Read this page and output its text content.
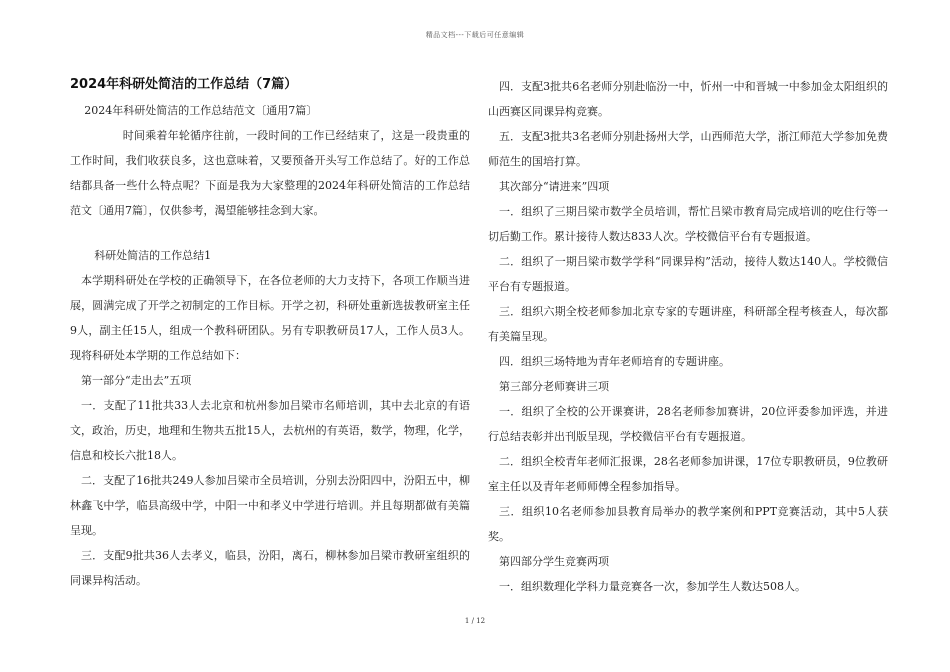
精品文档---下载后可任意编辑

2024年科研处简洁的工作总结（7篇）

2024年科研处简洁的工作总结范文〔通用7篇〕

时间乘着年轮循序往前，一段时间的工作已经结束了，这是一段贵重的工作时间，我们收获良多，这也意味着，又要预备开头写工作总结了。好的工作总结都具备一些什么特点呢？下面是我为大家整理的2024年科研处简洁的工作总结范文〔通用7篇〕，仅供参考，渴望能够挂念到大家。

科研处简洁的工作总结1

本学期科研处在学校的正确领导下，在各位老师的大力支持下，各项工作顺当进展，圆满完成了开学之初制定的工作目标。开学之初，科研处重新选拔教研室主任9人，副主任15人，组成一个教科研团队。另有专职教研员17人，工作人员3人。现将科研处本学期的工作总结如下：

第一部分“走出去”五项

一．支配了11批共33人去北京和杭州参加吕梁市名师培训，其中去北京的有语文，政治，历史，地理和生物共五批15人，去杭州的有英语，数学，物理，化学，信息和校长六批18人。

二．支配了16批共249人参加吕梁市全员培训，分别去汾阳四中，汾阳五中，柳林鑫飞中学，临县高级中学，中阳一中和孝义中学进行培训。并且每期都做有美篇呈现。

三．支配9批共36人去孝义，临县，汾阳，离石，柳林参加吕梁市教研室组织的同课异构活动。

四．支配3批共6名老师分别赴临汾一中，忻州一中和晋城一中参加金太阳组织的山西赛区同课异构竞赛。

五．支配3批共3名老师分别赴扬州大学，山西师范大学，浙江师范大学参加免费师范生的国培打算。

其次部分“请进来”四项

一．组织了三期吕梁市数学全员培训，帮忙吕梁市教育局完成培训的吃住行等一切后勤工作。累计接待人数达833人次。学校微信平台有专题报道。

二．组织了一期吕梁市数学学科“同课异构”活动，接待人数达140人。学校微信平台有专题报道。

三．组织六期全校老师参加北京专家的专题讲座，科研部全程考核查人，每次都有美篇呈现。

四．组织三场特地为青年老师培育的专题讲座。

第三部分老师赛讲三项

一．组织了全校的公开课赛讲，28名老师参加赛讲，20位评委参加评选，并进行总结表彰并出刊版呈现，学校微信平台有专题报道。

二．组织全校青年老师汇报课，28名老师参加讲课，17位专职教研员，9位教研室主任以及青年老师师傅全程参加指导。

三．组织10名老师参加县教育局举办的教学案例和PPT竞赛活动，其中5人获奖。

第四部分学生竞赛两项

一．组织数理化学科力量竞赛各一次，参加学生人数达508人。

1 / 12
